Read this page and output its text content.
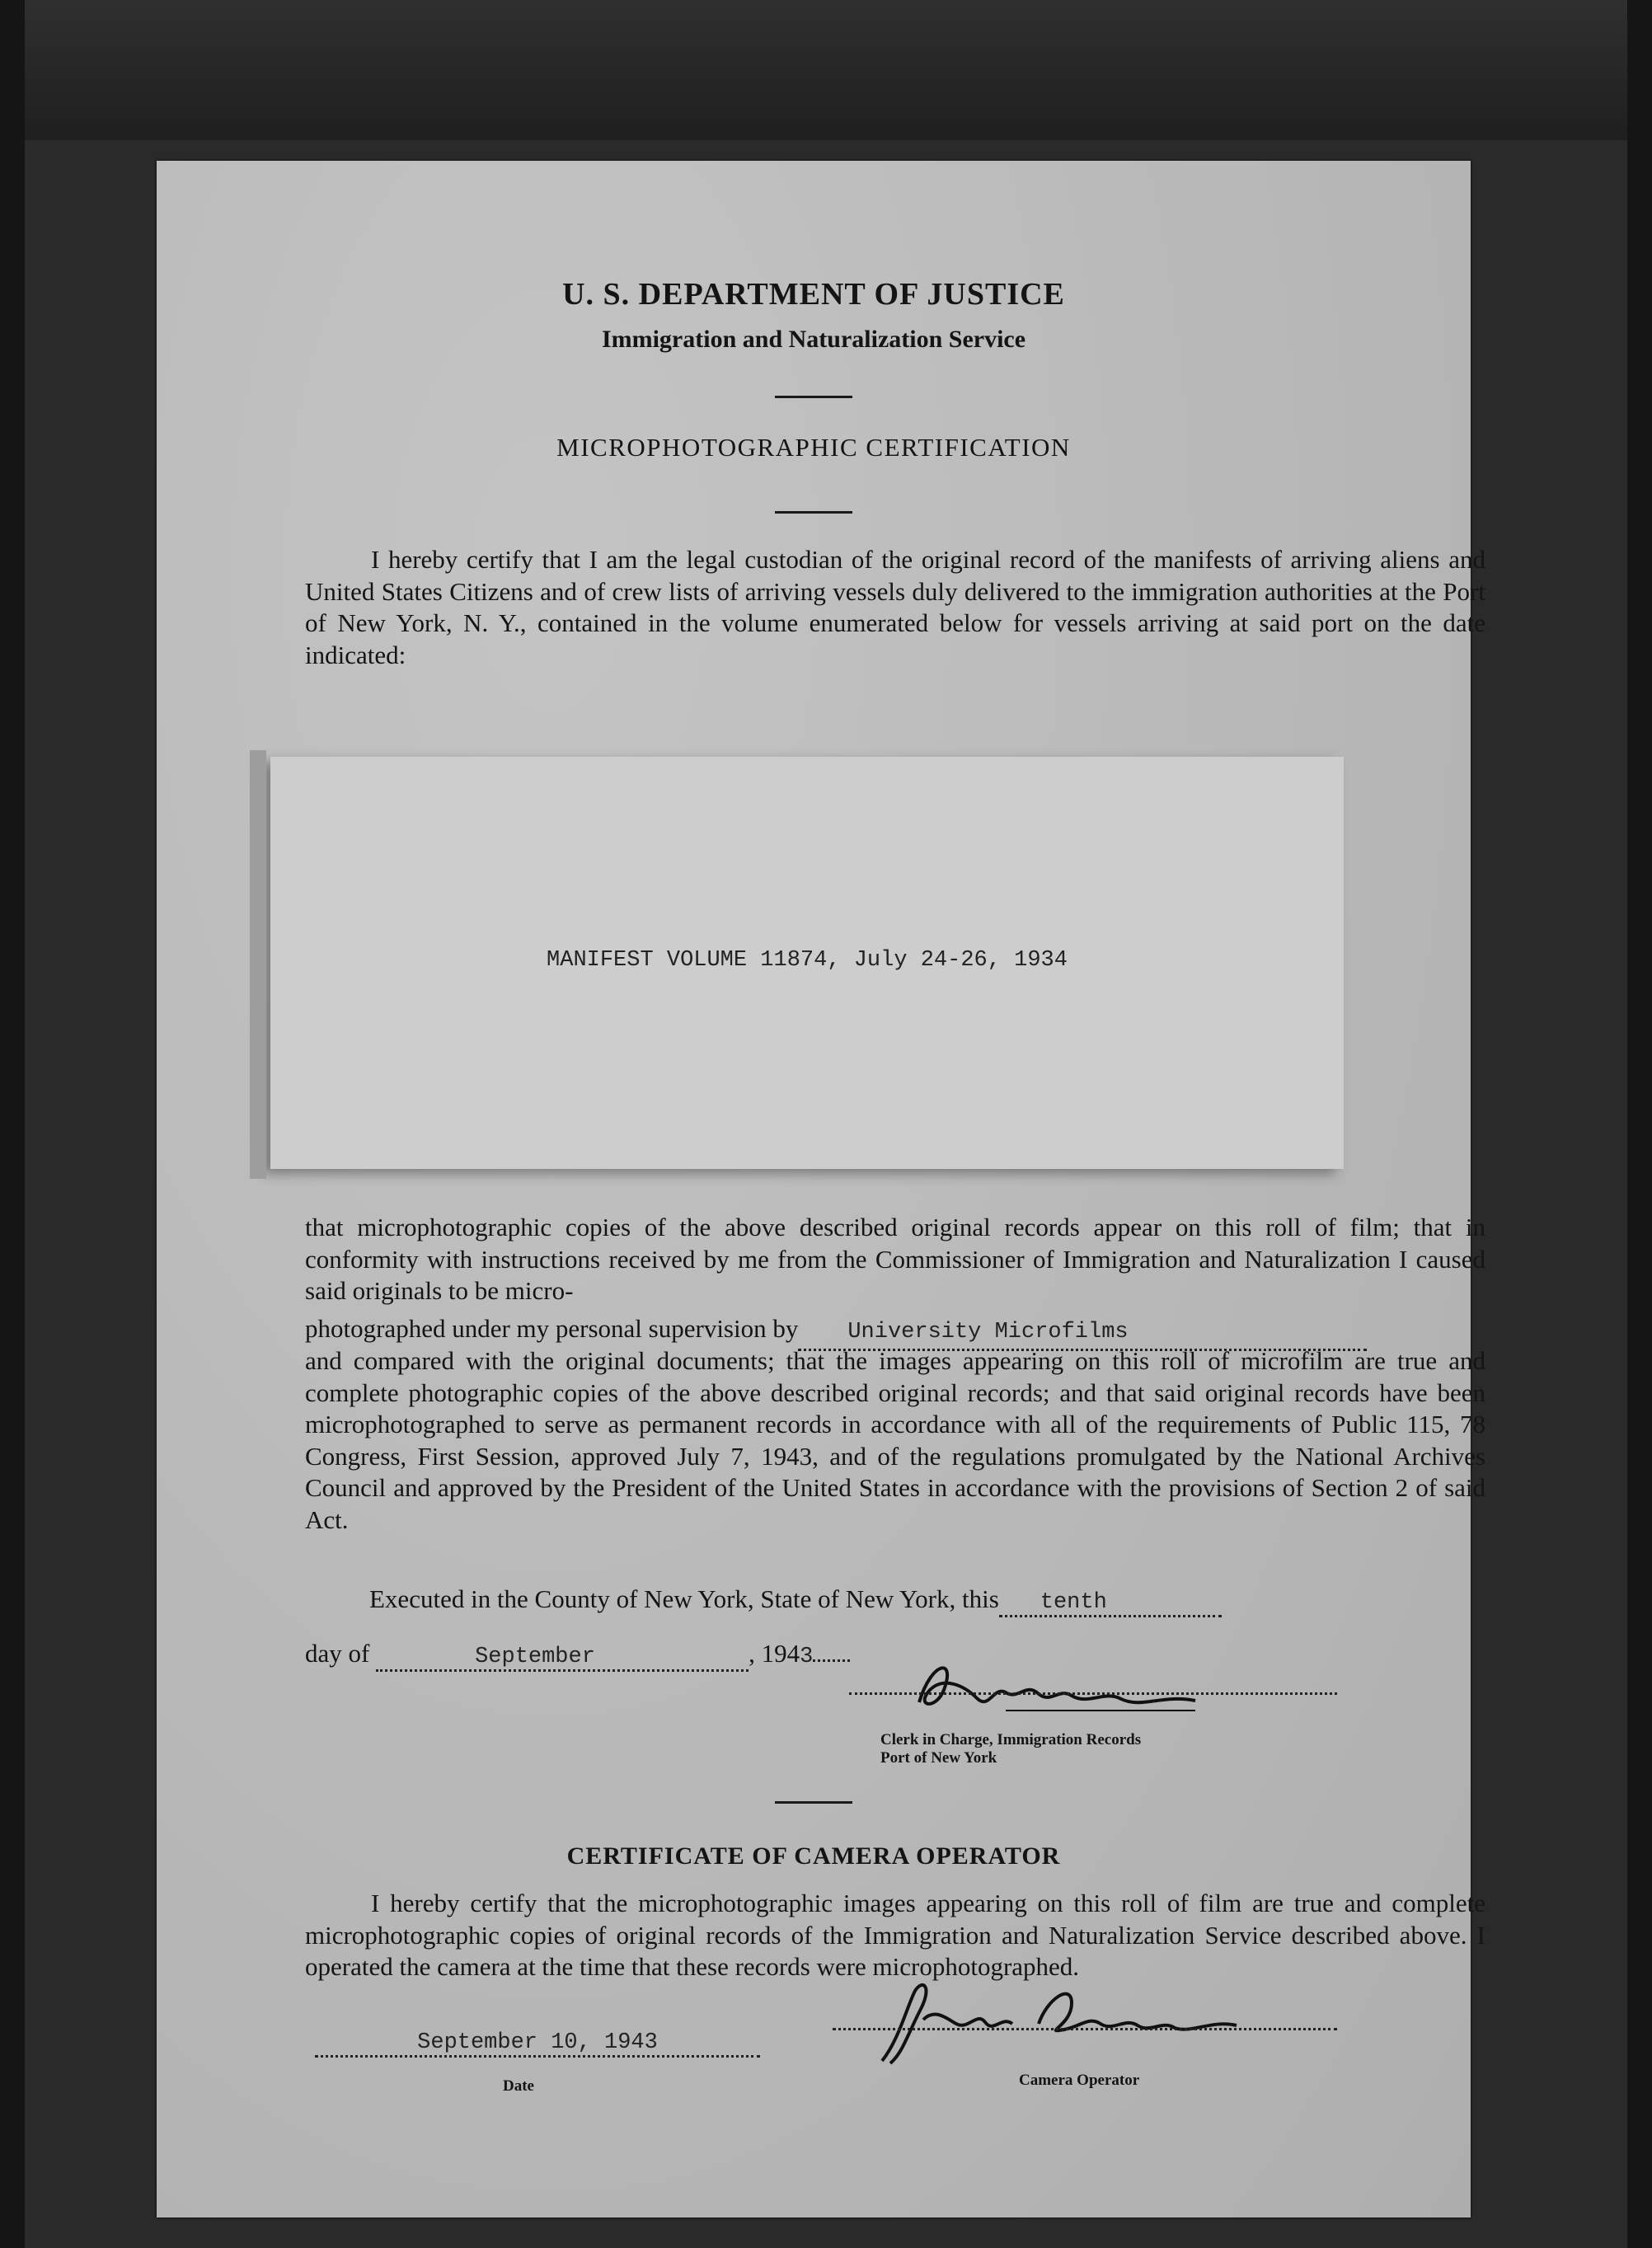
U. S. DEPARTMENT OF JUSTICE
Immigration and Naturalization Service
MICROPHOTOGRAPHIC CERTIFICATION
I hereby certify that I am the legal custodian of the original record of the manifests of arriving aliens and United States Citizens and of crew lists of arriving vessels duly delivered to the immigration authorities at the Port of New York, N. Y., contained in the volume enumerated below for vessels arriving at said port on the date indicated:
MANIFEST VOLUME 11874, July 24-26, 1934
that microphotographic copies of the above described original records appear on this roll of film; that in conformity with instructions received by me from the Commissioner of Immigration and Naturalization I caused said originals to be micro-
photographed under my personal supervision by University Microfilms
and compared with the original documents; that the images appearing on this roll of microfilm are true and complete photographic copies of the above described original records; and that said original records have been microphotographed to serve as permanent records in accordance with all of the requirements of Public 115, 78 Congress, First Session, approved July 7, 1943, and of the regulations promulgated by the National Archives Council and approved by the President of the United States in accordance with the provisions of Section 2 of said Act.
Executed in the County of New York, State of New York, this tenth
day of	September	, 1943
Clerk in Charge, Immigration Records
Port of New York
CERTIFICATE OF CAMERA OPERATOR
I hereby certify that the microphotographic images appearing on this roll of film are true and complete microphotographic copies of original records of the Immigration and Naturalization Service described above. I operated the camera at the time that these records were microphotographed.
September 10, 1943
Date	Camera Operator
